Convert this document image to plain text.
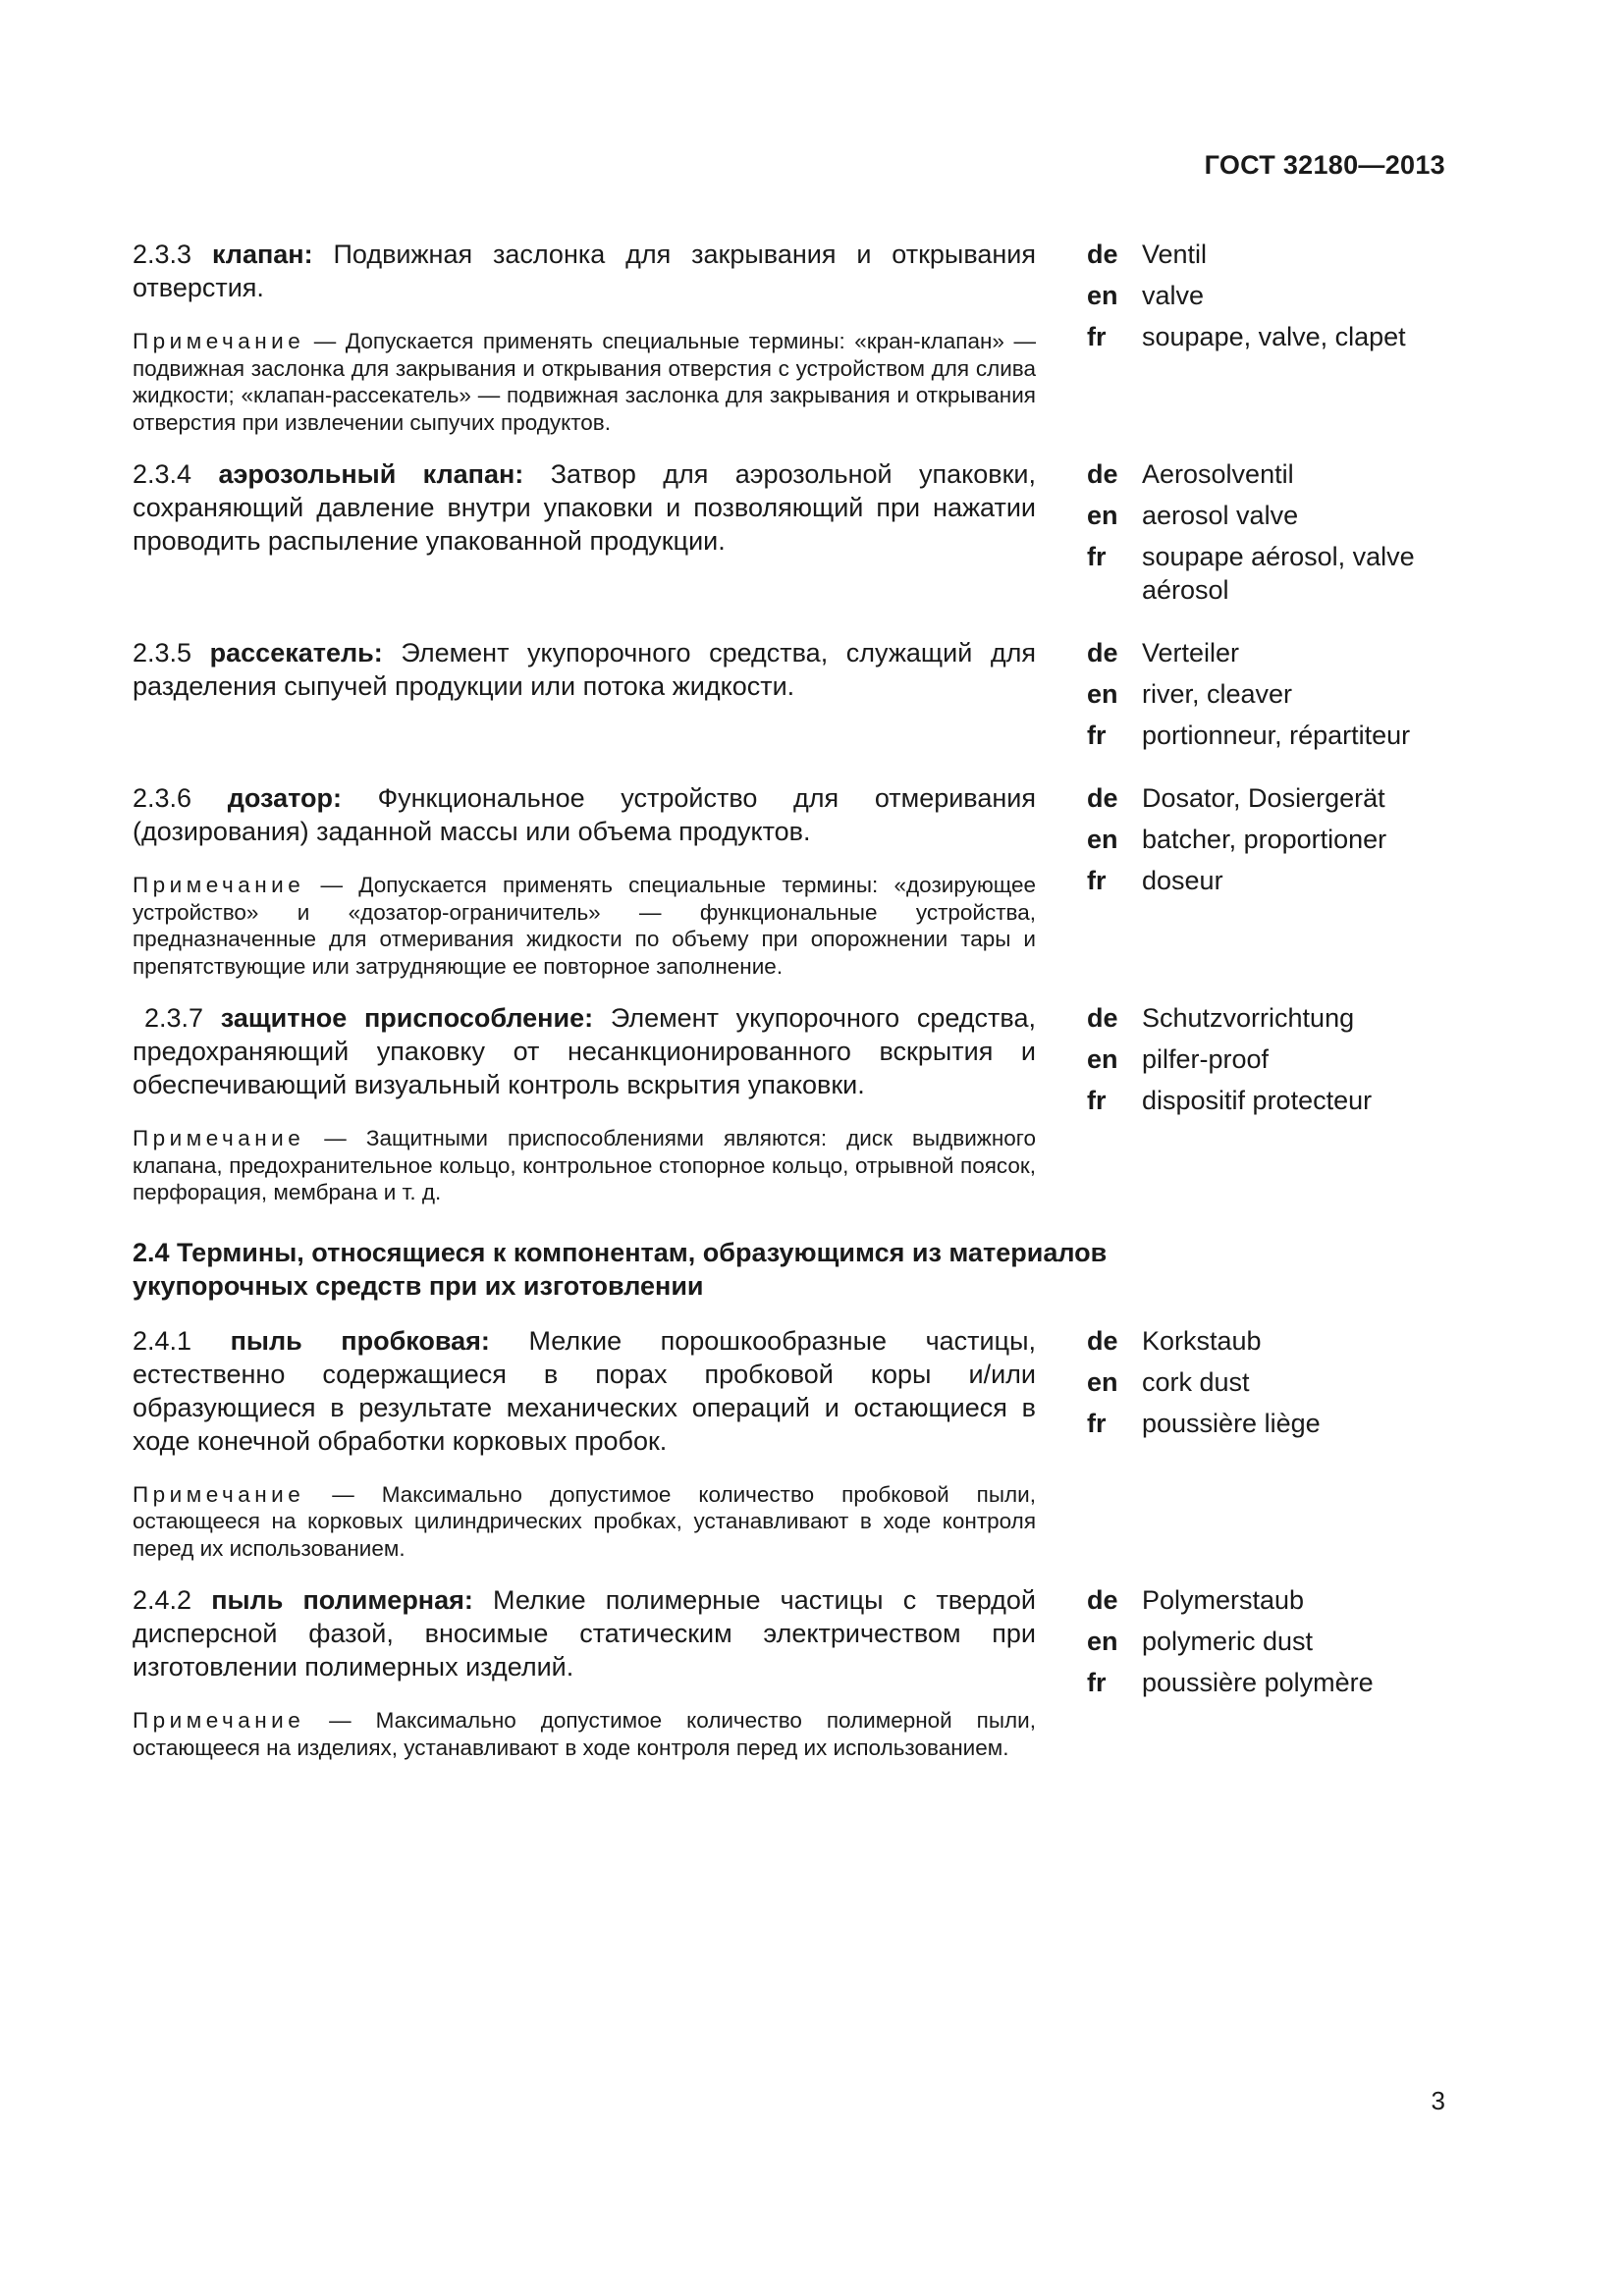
ГОСТ 32180—2013

2.3.3 клапан: Подвижная заслонка для закрывания и открывания отверстия.

Примечание — Допускается применять специальные термины: «кран-клапан» — подвижная заслонка для закрывания и открывания отверстия с устройством для слива жидкости; «клапан-рассекатель» — подвижная заслонка для закрывания и открывания отверстия при извлечении сыпучих продуктов.

de Ventil
en valve
fr	soupape, valve, clapet

2.3.4 аэрозольный клапан: Затвор для аэрозольной упаковки, сохраняющий давление внутри упаковки и позволяющий при нажатии проводить распыление упакованной продукции.

de Aerosolventil
en aerosol valve
fr	soupape aérosol, valve aérosol

2.3.5 рассекатель: Элемент укупорочного средства, служащий для разделения сыпучей продукции или потока жидкости.

de Verteiler
en river, cleaver
fr	portionneur, répartiteur

2.3.6 дозатор: Функциональное устройство для отмеривания (дозирования) заданной массы или объема продуктов.

Примечание — Допускается применять специальные термины: «дозирующее устройство» и «дозатор-ограничитель» — функциональные устройства, предназначенные для отмеривания жидкости по объему при опорожнении тары и препятствующие или затрудняющие ее повторное заполнение.

de Dosator, Dosiergerät
en batcher, proportioner
fr	doseur

2.3.7 защитное приспособление: Элемент укупорочного средства, предохраняющий упаковку от несанкционированного вскрытия и обеспечивающий визуальный контроль вскрытия упаковки.

Примечание — Защитными приспособлениями являются: диск выдвижного клапана, предохранительное кольцо, контрольное стопорное кольцо, отрывной поясок, перфорация, мембрана и т. д.

de Schutzvorrichtung
en pilfer-proof
fr	dispositif protecteur
2.4 Термины, относящиеся к компонентам, образующимся из материалов укупорочных средств при их изготовлении

2.4.1 пыль пробковая: Мелкие порошкообразные частицы, естественно содержащиеся в порах пробковой коры и/или образующиеся в результате механических операций и остающиеся в ходе конечной обработки корковых пробок.

Примечание — Максимально допустимое количество пробковой пыли, остающееся на корковых цилиндрических пробках, устанавливают в ходе контроля перед их использованием.

de Korkstaub
en cork dust
fr	poussière liège

2.4.2 пыль полимерная: Мелкие полимерные частицы с твердой дисперсной фазой, вносимые статическим электричеством при изготовлении полимерных изделий.

Примечание — Максимально допустимое количество полимерной пыли, остающееся на изделиях, устанавливают в ходе контроля перед их использованием.

de Polymerstaub
en polymeric dust
fr	poussière polymère
3
